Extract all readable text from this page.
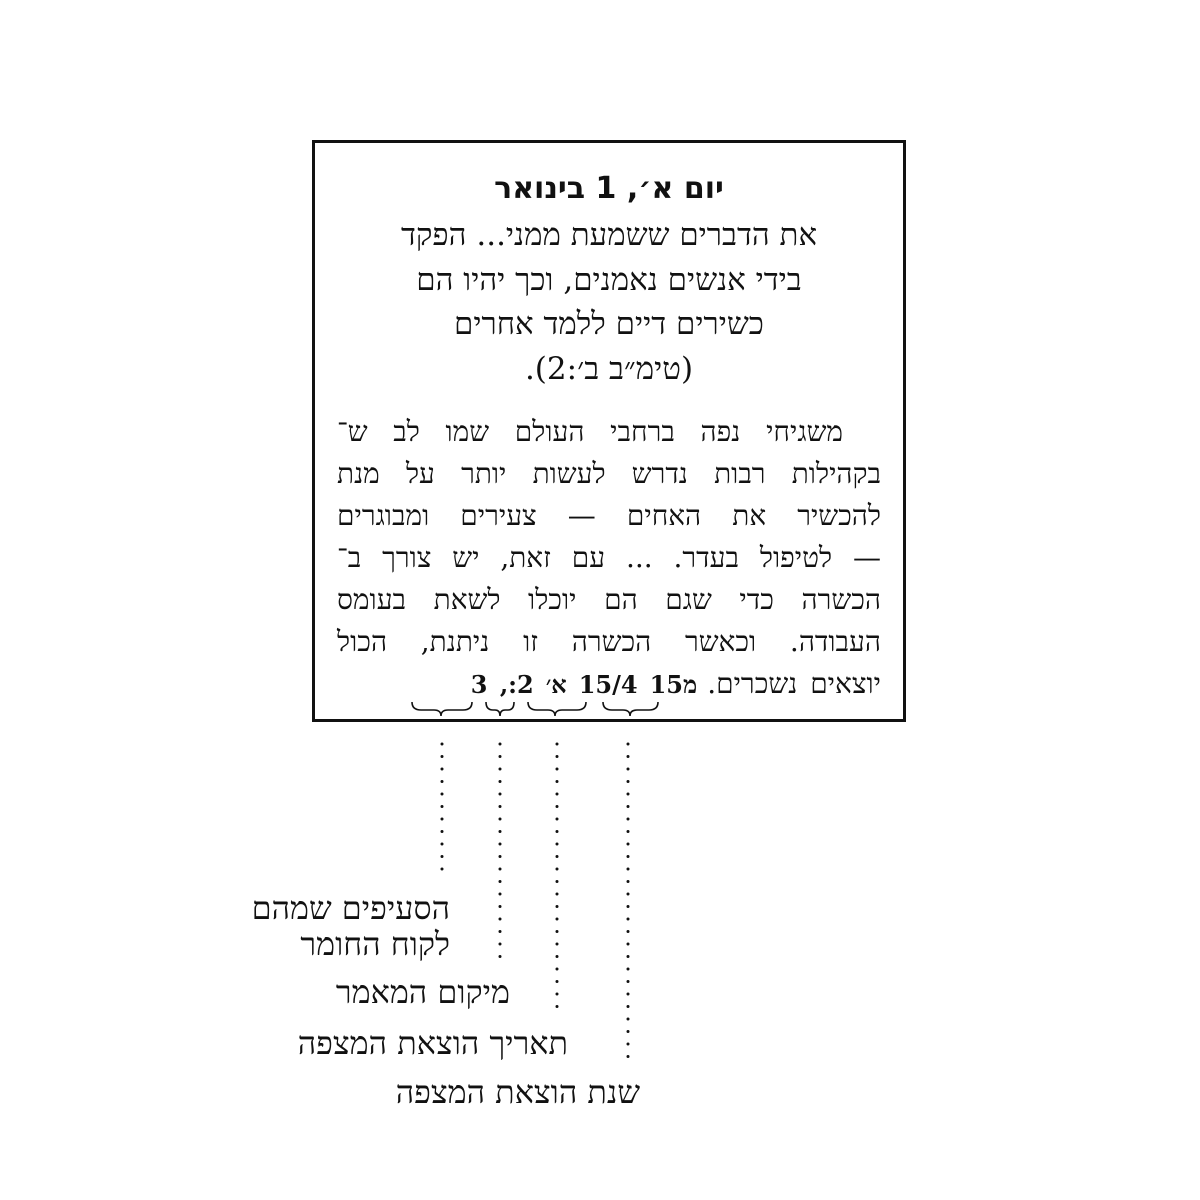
יום א׳, 1 בינואר
את הדברים ששמעת ממני... הפקד
בידי אנשים נאמנים, וכך יהיו הם
כשירים דיים ללמד אחרים
(טימ״ב ב׳:2).
משגיחי נפה ברחבי העולם שמו לב ש־
בקהילות רבות נדרש לעשות יותר על מנת
להכשיר את האחים — צעירים ומבוגרים
— לטיפול בעדר. ... עם זאת, יש צורך ב־
הכשרה כדי שגם הם יוכלו לשאת בעומס
העבודה. וכאשר הכשרה זו ניתנת, הכול
יוצאים נשכרים.מ1515/4א׳2:, 3
הסעיפים שמהם
לקוח החומר
מיקום המאמר
תאריך הוצאת המצפה
שנת הוצאת המצפה
